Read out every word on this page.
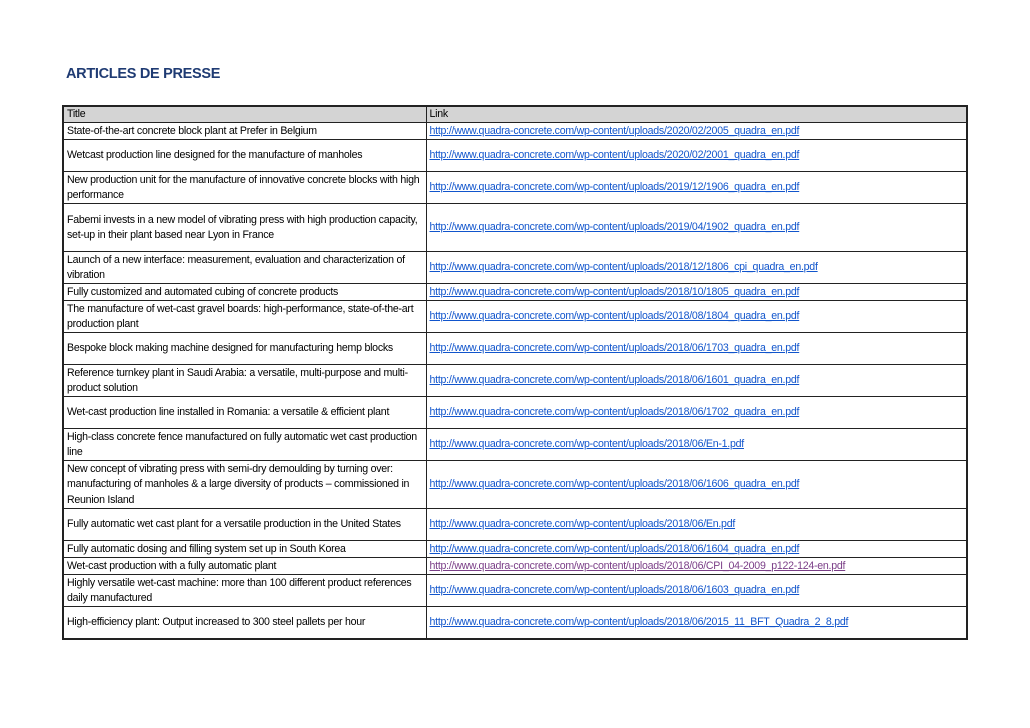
ARTICLES DE PRESSE
Title	Link
State-of-the-art concrete block plant at Prefer in Belgium	http://www.quadra-concrete.com/wp-content/uploads/2020/02/2005_quadra_en.pdf
Wetcast production line designed for the manufacture of manholes	http://www.quadra-concrete.com/wp-content/uploads/2020/02/2001_quadra_en.pdf
New production unit for the manufacture of innovative concrete blocks with high performance	http://www.quadra-concrete.com/wp-content/uploads/2019/12/1906_quadra_en.pdf
Fabemi invests in a new model of vibrating press with high production capacity, set-up in their plant based near Lyon in France	http://www.quadra-concrete.com/wp-content/uploads/2019/04/1902_quadra_en.pdf
Launch of a new interface: measurement, evaluation and characterization of vibration	http://www.quadra-concrete.com/wp-content/uploads/2018/12/1806_cpi_quadra_en.pdf
Fully customized and automated cubing of concrete products	http://www.quadra-concrete.com/wp-content/uploads/2018/10/1805_quadra_en.pdf
The manufacture of wet-cast gravel boards: high-performance, state-of-the-art production plant	http://www.quadra-concrete.com/wp-content/uploads/2018/08/1804_quadra_en.pdf
Bespoke block making machine designed for manufacturing hemp blocks	http://www.quadra-concrete.com/wp-content/uploads/2018/06/1703_quadra_en.pdf
Reference turnkey plant in Saudi Arabia: a versatile, multi-purpose and multi-product solution	http://www.quadra-concrete.com/wp-content/uploads/2018/06/1601_quadra_en.pdf
Wet-cast production line installed in Romania: a versatile & efficient plant	http://www.quadra-concrete.com/wp-content/uploads/2018/06/1702_quadra_en.pdf
High-class concrete fence manufactured on fully automatic wet cast production line	http://www.quadra-concrete.com/wp-content/uploads/2018/06/En-1.pdf
New concept of vibrating press with semi-dry demoulding by turning over: manufacturing of manholes & a large diversity of products – commissioned in Reunion Island	http://www.quadra-concrete.com/wp-content/uploads/2018/06/1606_quadra_en.pdf
Fully automatic wet cast plant for a versatile production in the United States	http://www.quadra-concrete.com/wp-content/uploads/2018/06/En.pdf
Fully automatic dosing and filling system set up in South Korea	http://www.quadra-concrete.com/wp-content/uploads/2018/06/1604_quadra_en.pdf
Wet-cast production with a fully automatic plant	http://www.quadra-concrete.com/wp-content/uploads/2018/06/CPI_04-2009_p122-124-en.pdf
Highly versatile wet-cast machine: more than 100 different product references daily manufactured	http://www.quadra-concrete.com/wp-content/uploads/2018/06/1603_quadra_en.pdf
High-efficiency plant: Output increased to 300 steel pallets per hour	http://www.quadra-concrete.com/wp-content/uploads/2018/06/2015_11_BFT_Quadra_2_8.pdf
